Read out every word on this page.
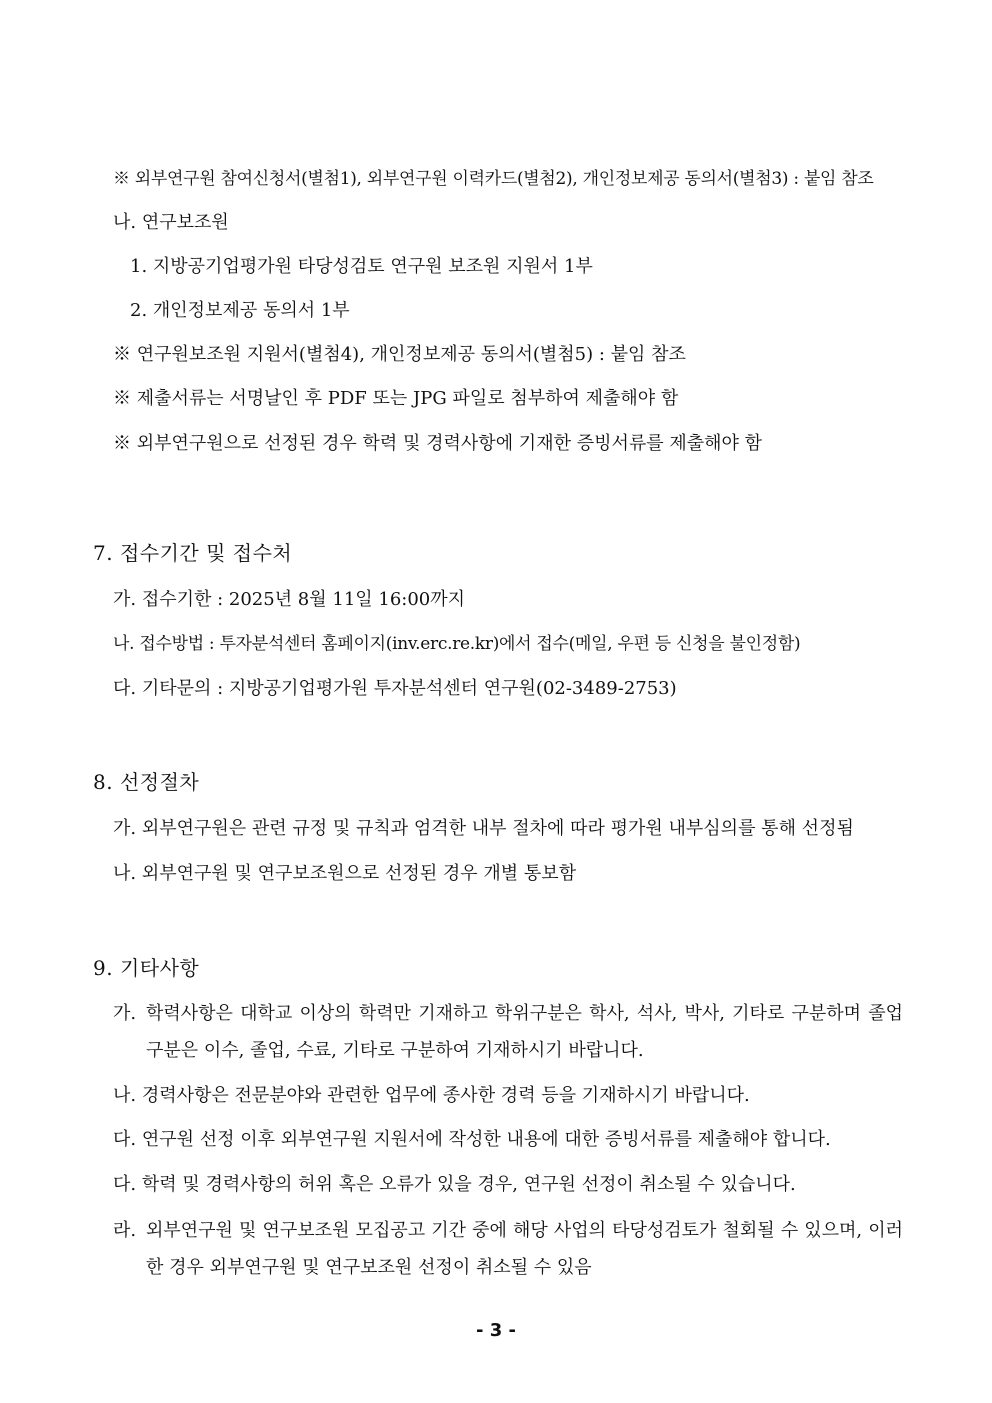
※ 외부연구원 참여신청서(별첨1), 외부연구원 이력카드(별첨2), 개인정보제공 동의서(별첨3) : 붙임 참조
나. 연구보조원
1. 지방공기업평가원 타당성검토 연구원 보조원 지원서 1부
2. 개인정보제공 동의서 1부
※ 연구원보조원 지원서(별첨4), 개인정보제공 동의서(별첨5) : 붙임 참조
※ 제출서류는 서명날인 후 PDF 또는 JPG 파일로 첨부하여 제출해야 함
※ 외부연구원으로 선정된 경우 학력 및 경력사항에 기재한 증빙서류를 제출해야 함
7. 접수기간 및 접수처
가. 접수기한 : 2025년 8월 11일 16:00까지
나. 접수방법 : 투자분석센터 홈페이지(inv.erc.re.kr)에서 접수(메일, 우편 등 신청을 불인정함)
다. 기타문의 : 지방공기업평가원 투자분석센터 연구원(02-3489-2753)
8. 선정절차
가. 외부연구원은 관련 규정 및 규칙과 엄격한 내부 절차에 따라 평가원 내부심의를 통해 선정됨
나. 외부연구원 및 연구보조원으로 선정된 경우 개별 통보함
9. 기타사항
가. 학력사항은 대학교 이상의 학력만 기재하고 학위구분은 학사, 석사, 박사, 기타로 구분하며 졸업구분은 이수, 졸업, 수료, 기타로 구분하여 기재하시기 바랍니다.
나. 경력사항은 전문분야와 관련한 업무에 종사한 경력 등을 기재하시기 바랍니다.
다. 연구원 선정 이후 외부연구원 지원서에 작성한 내용에 대한 증빙서류를 제출해야 합니다.
다. 학력 및 경력사항의 허위 혹은 오류가 있을 경우, 연구원 선정이 취소될 수 있습니다.
라. 외부연구원 및 연구보조원 모집공고 기간 중에 해당 사업의 타당성검토가 철회될 수 있으며, 이러한 경우 외부연구원 및 연구보조원 선정이 취소될 수 있음
- 3 -
